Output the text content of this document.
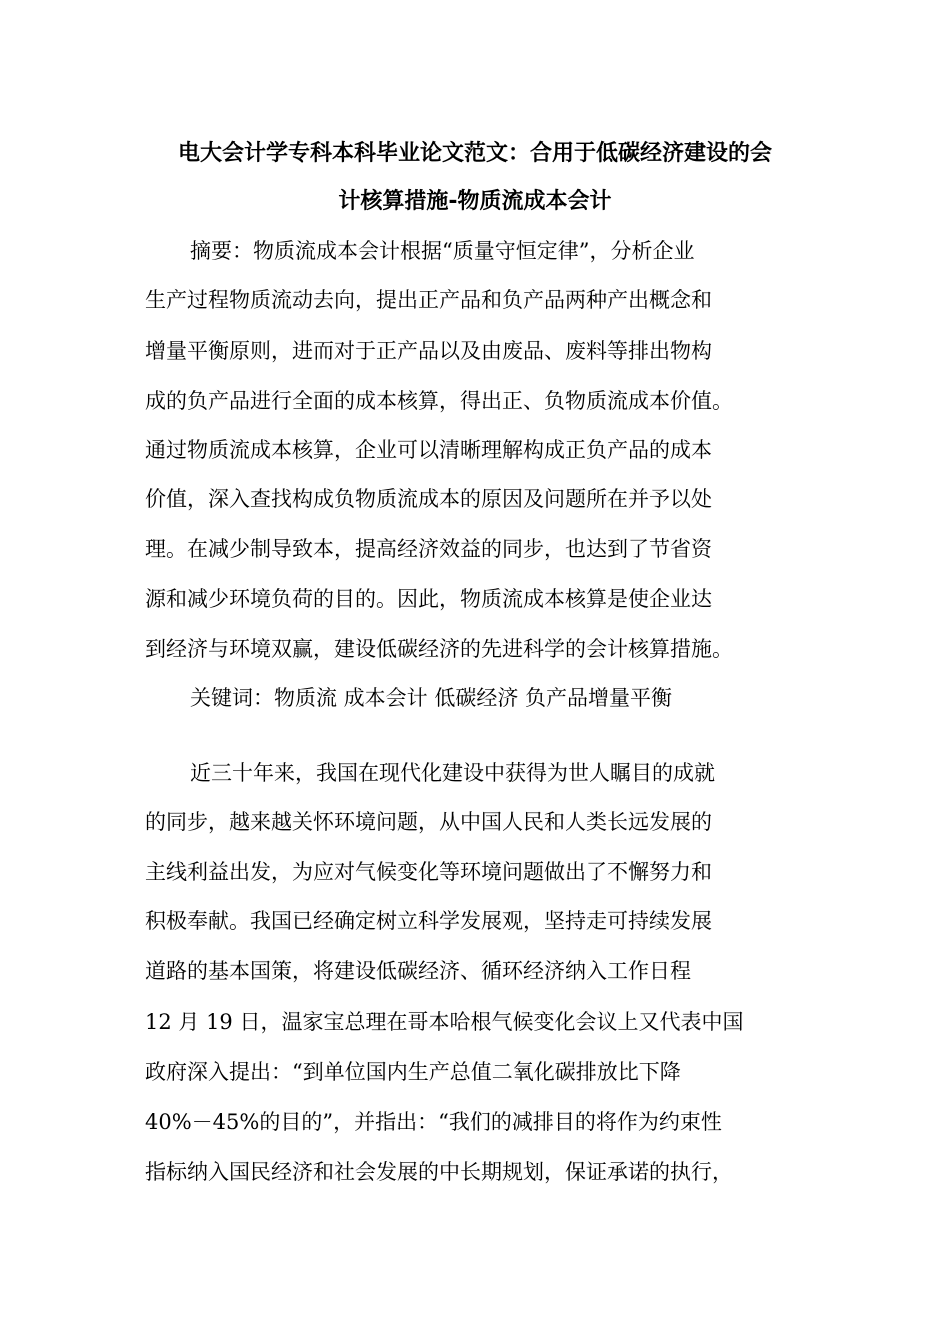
电大会计学专科本科毕业论文范文：合用于低碳经济建设的会
计核算措施-物质流成本会计
摘要：物质流成本会计根据“质量守恒定律”，分析企业
生产过程物质流动去向，提出正产品和负产品两种产出概念和
增量平衡原则，进而对于正产品以及由废品、废料等排出物构
成的负产品进行全面的成本核算，得出正、负物质流成本价值。
通过物质流成本核算，企业可以清晰理解构成正负产品的成本
价值，深入查找构成负物质流成本的原因及问题所在并予以处
理。在减少制导致本，提高经济效益的同步，也达到了节省资
源和减少环境负荷的目的。因此，物质流成本核算是使企业达
到经济与环境双赢，建设低碳经济的先进科学的会计核算措施。
关键词：物质流 成本会计 低碳经济 负产品增量平衡
近三十年来，我国在现代化建设中获得为世人瞩目的成就
的同步，越来越关怀环境问题，从中国人民和人类长远发展的
主线利益出发，为应对气候变化等环境问题做出了不懈努力和
积极奉献。我国已经确定树立科学发展观，坚持走可持续发展
道路的基本国策，将建设低碳经济、循环经济纳入工作日程
12 月 19 日，温家宝总理在哥本哈根气候变化会议上又代表中国
政府深入提出：“到单位国内生产总值二氧化碳排放比下降
40%－45%的目的”，并指出：“我们的减排目的将作为约束性
指标纳入国民经济和社会发展的中长期规划，保证承诺的执行，
